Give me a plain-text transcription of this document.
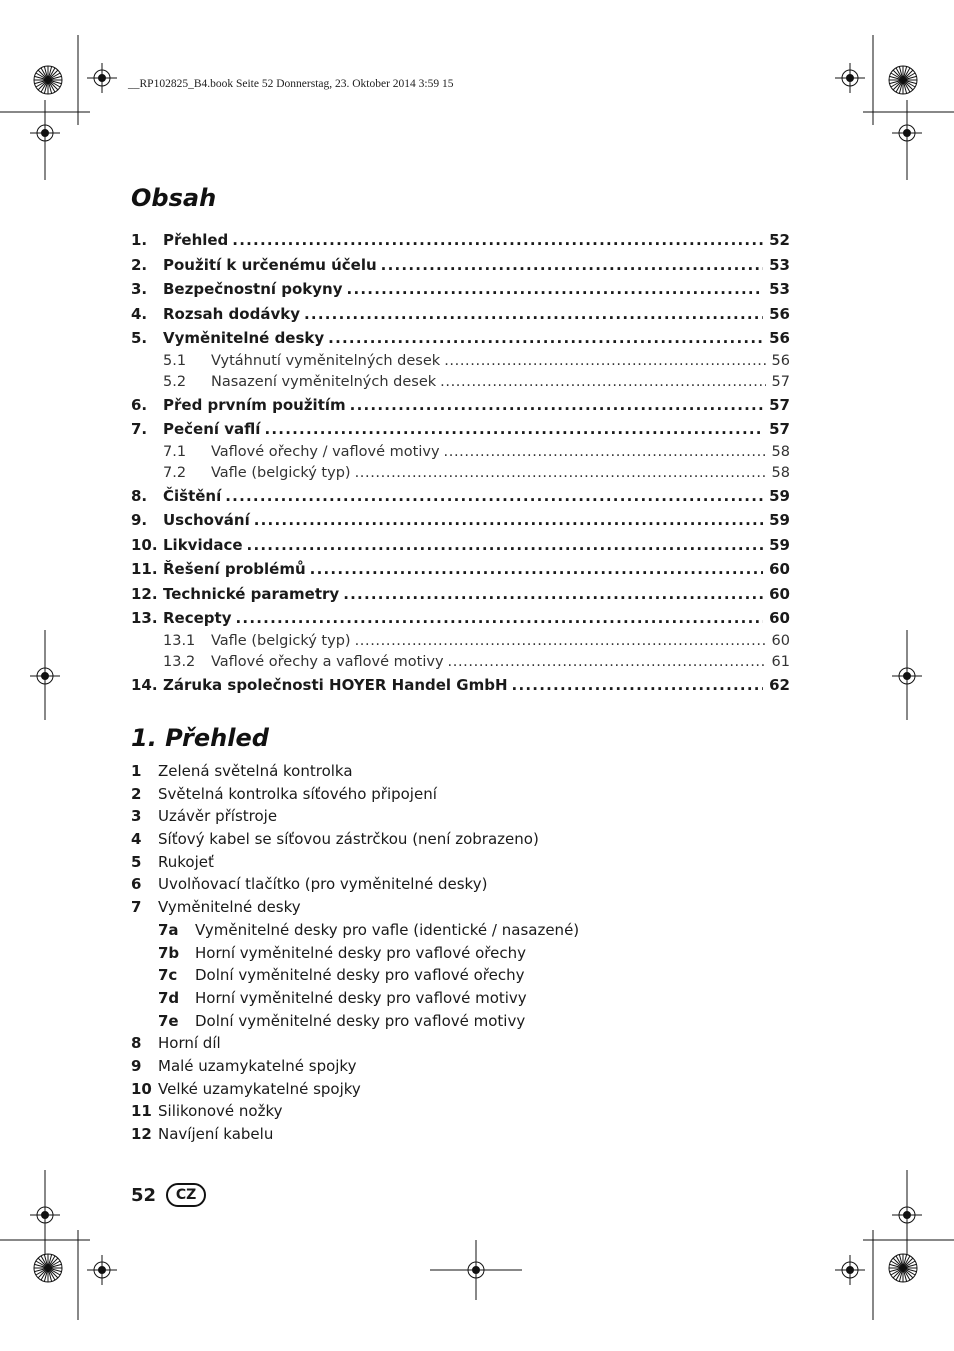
__RP102825_B4.book Seite 52 Donnerstag, 23. Oktober 2014 3:59 15
Obsah
1.	Přehled . . .	52
2.	Použití k určenému účelu . . .	53
3.	Bezpečnostní pokyny . . .	53
4.	Rozsah dodávky . . .	56
5.	Vyměnitelné desky . . .	56
5.1	Vytáhnutí vyměnitelných desek . . .	56
5.2	Nasazení vyměnitelných desek . . .	57
6.	Před prvním použitím . . .	57
7.	Pečení vaflí . . .	57
7.1	Vaflové ořechy / vaflové motivy . . .	58
7.2	Vafle (belgický typ) . . .	58
8.	Čištění . . .	59
9.	Uschování . . .	59
10. Likvidace . . .	59
11. Řešení problémů . . .	60
12. Technické parametry . . .	60
13. Recepty . . .	60
13.1	Vafle (belgický typ) . . .	60
13.2	Vaflové ořechy a vaflové motivy . . .	61
14. Záruka společnosti HOYER Handel GmbH . . .	62
1. Přehled
1	Zelená světelná kontrolka
2	Světelná kontrolka síťového připojení
3	Uzávěr přístroje
4	Síťový kabel se síťovou zástrčkou (není zobrazeno)
5	Rukojeť
6	Uvolňovací tlačítko (pro vyměnitelné desky)
7	Vyměnitelné desky
7a	Vyměnitelné desky pro vafle (identické / nasazené)
7b	Horní vyměnitelné desky pro vaflové ořechy
7c	Dolní vyměnitelné desky pro vaflové ořechy
7d	Horní vyměnitelné desky pro vaflové motivy
7e	Dolní vyměnitelné desky pro vaflové motivy
8	Horní díl
9	Malé uzamykatelné spojky
10 Velké uzamykatelné spojky
11 Silikonové nožky
12 Navíjení kabelu
52	CZ
